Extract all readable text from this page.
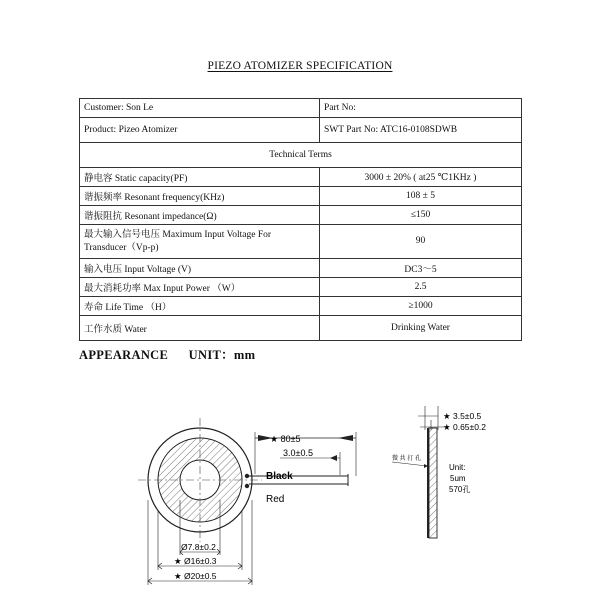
PIEZO ATOMIZER SPECIFICATION
Customer: Son Le	Part No:
Product: Pizeo Atomizer	SWT Part No: ATC16-0108SDWB
Technical Terms	
静电容 Static capacity(PF)	3000 ± 20% ( at25 ℃1KHz )
谐振频率 Resonant frequency(KHz)	108 ± 5
谐振阻抗 Resonant impedance(Ω)	≤150
最大输入信号电压 Maximum Input Voltage For Transducer（Vp-p)	90
输入电压 Input Voltage (V)	DC3～5
最大消耗功率 Max Input Power （W）	2.5
寿命 Life Time （H）	≥1000
工作水质 Water	Drinking Water
APPEARANCE UNIT：mm
★ 80±5
3.0±0.5
Black
Red
Ø7.8±0.2
★ Ø16±0.3
★ Ø20±0.5
★ 3.5±0.5
★ 0.65±0.2
微 共 打 孔
Unit:
5um
570孔
